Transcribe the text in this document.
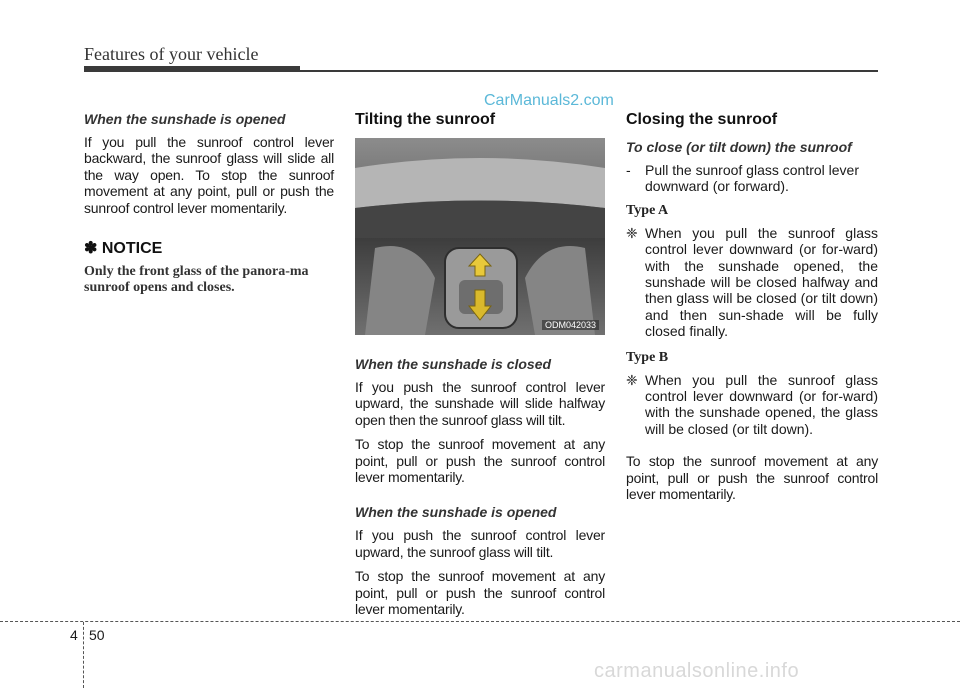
Features of your vehicle
CarManuals2.com
When the sunshade is opened
If you pull the sunroof control lever backward, the sunroof glass will slide all the way open. To stop the sunroof movement at any point, pull or push the sunroof control lever momentarily.
✽ NOTICE
Only the front glass of the panora-ma sunroof opens and closes.
Tilting the sunroof
ODM042033
When the sunshade is closed
If you push the sunroof control lever upward, the sunshade will slide halfway open then the sunroof glass will tilt.
To stop the sunroof movement at any point, pull or push the sunroof control lever momentarily.
When the sunshade is opened
If you push the sunroof control lever upward, the sunroof glass will tilt.
To stop the sunroof movement at any point, pull or push the sunroof control lever momentarily.
Closing the sunroof
To close (or tilt down) the sunroof
- Pull the sunroof glass control lever downward (or forward).
Type A
❈ When you pull the sunroof glass control lever downward (or for-ward) with the sunshade opened, the sunshade will be closed halfway and then glass will be closed (or tilt down) and then sun-shade will be fully closed finally.
Type B
❈ When you pull the sunroof glass control lever downward (or for-ward) with the sunshade opened, the glass will be closed (or tilt down).
To stop the sunroof movement at any point, pull or push the sunroof control lever momentarily.
4 50
carmanualsonline.info
